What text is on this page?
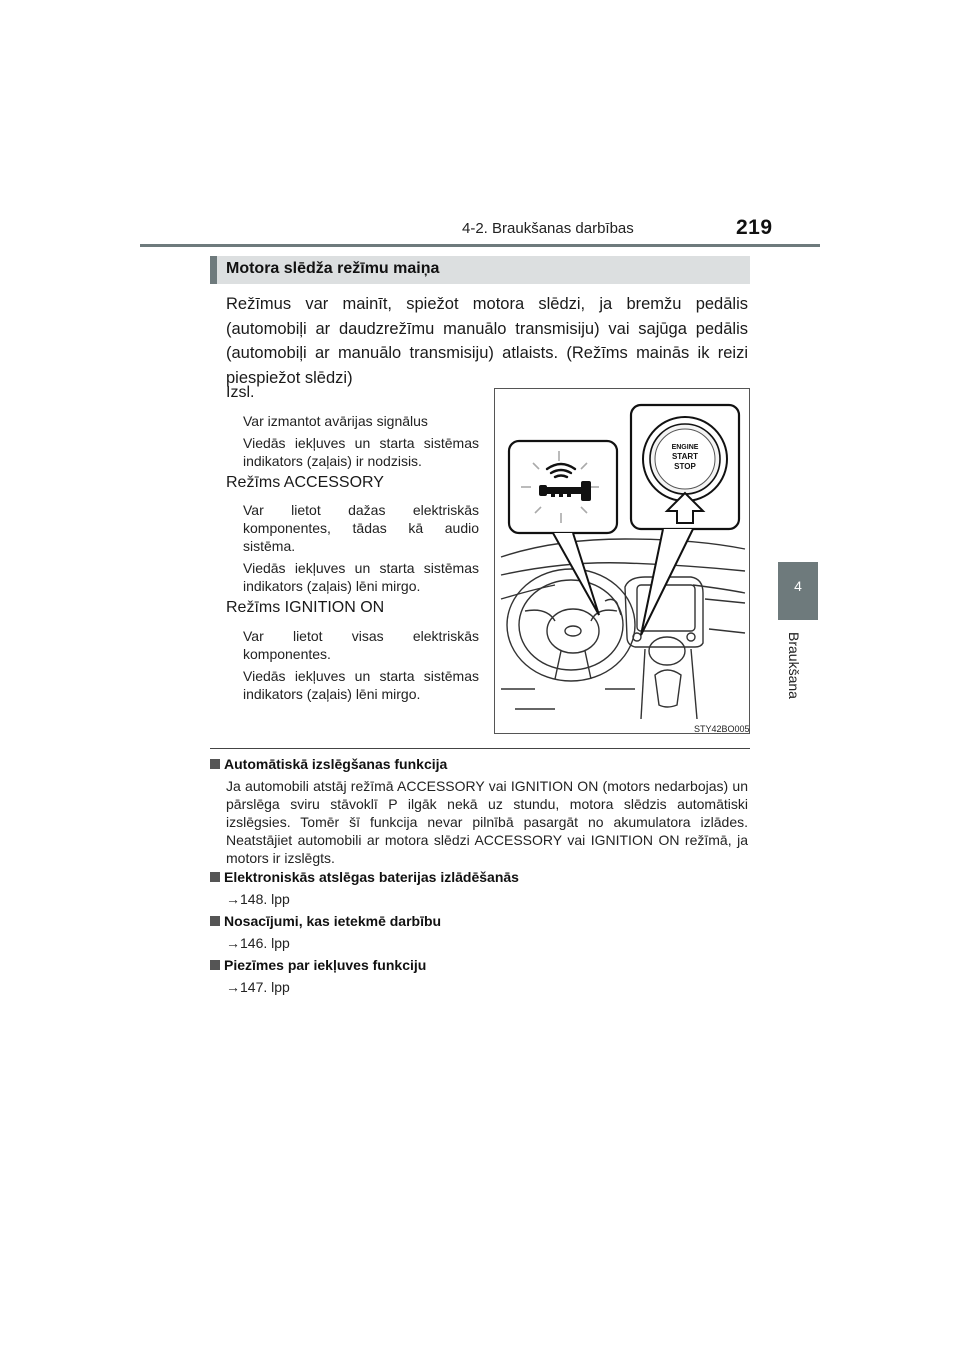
4-2. Braukšanas darbības	219
4
Braukšana
Motora slēdža režīmu maiņa
Režīmus var mainīt, spiežot motora slēdzi, ja bremžu pedālis (automobiļi ar daudzrežīmu manuālo transmisiju) vai sajūga pedālis (automobiļi ar manuālo transmisiju) atlaists. (Režīms mainās ik reizi piespiežot slēdzi)
Izsl.
Var izmantot avārijas signālus
Viedās iekļuves un starta sistēmas indikators (zaļais) ir nodzisis.
Režīms ACCESSORY
Var lietot dažas elektriskās komponentes, tādas kā audio sistēma.
Viedās iekļuves un starta sistēmas indikators (zaļais) lēni mirgo.
Režīms IGNITION ON
Var lietot visas elektriskās komponentes.
Viedās iekļuves un starta sistēmas indikators (zaļais) lēni mirgo.
ENGINE
START
STOP
STY42BO005
Automātiskā izslēgšanas funkcija
Ja automobili atstāj režīmā ACCESSORY vai IGNITION ON (motors nedarbojas) un pārslēga sviru stāvoklī P ilgāk nekā uz stundu, motora slēdzis automātiski izslēgsies. Tomēr šī funkcija nevar pilnībā pasargāt no akumulatora izlādes. Neatstājiet automobili ar motora slēdzi ACCESSORY vai IGNITION ON režīmā, ja motors ir izslēgts.
Elektroniskās atslēgas baterijas izlādēšanās
→148. lpp
Nosacījumi, kas ietekmē darbību
→146. lpp
Piezīmes par iekļuves funkciju
→147. lpp
